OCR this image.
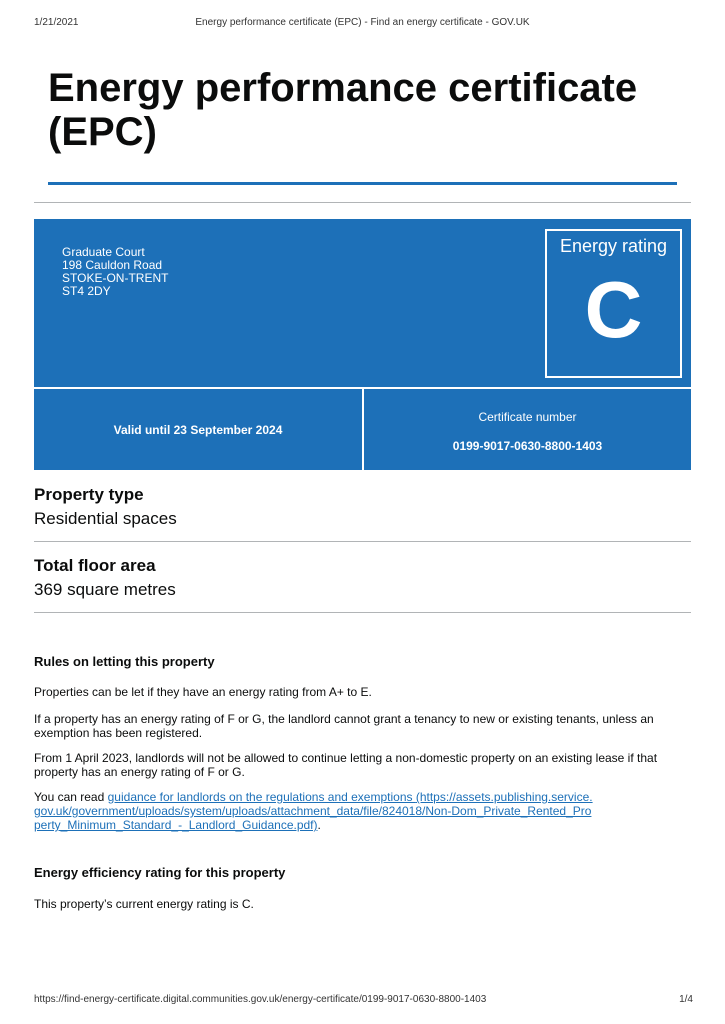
1/21/2021	Energy performance certificate (EPC) - Find an energy certificate - GOV.UK
Energy performance certificate (EPC)
Graduate Court
198 Cauldon Road
STOKE-ON-TRENT
ST4 2DY
Energy rating
C
Valid until 23 September 2024
Certificate number
0199-9017-0630-8800-1403
Property type
Residential spaces
Total floor area
369 square metres
Rules on letting this property
Properties can be let if they have an energy rating from A+ to E.
If a property has an energy rating of F or G, the landlord cannot grant a tenancy to new or existing tenants, unless an exemption has been registered.
From 1 April 2023, landlords will not be allowed to continue letting a non-domestic property on an existing lease if that property has an energy rating of F or G.
You can read guidance for landlords on the regulations and exemptions (https://assets.publishing.service.gov.uk/government/uploads/system/uploads/attachment_data/file/824018/Non-Dom_Private_Rented_Property_Minimum_Standard_-_Landlord_Guidance.pdf).
Energy efficiency rating for this property
This property’s current energy rating is C.
https://find-energy-certificate.digital.communities.gov.uk/energy-certificate/0199-9017-0630-8800-1403	1/4
